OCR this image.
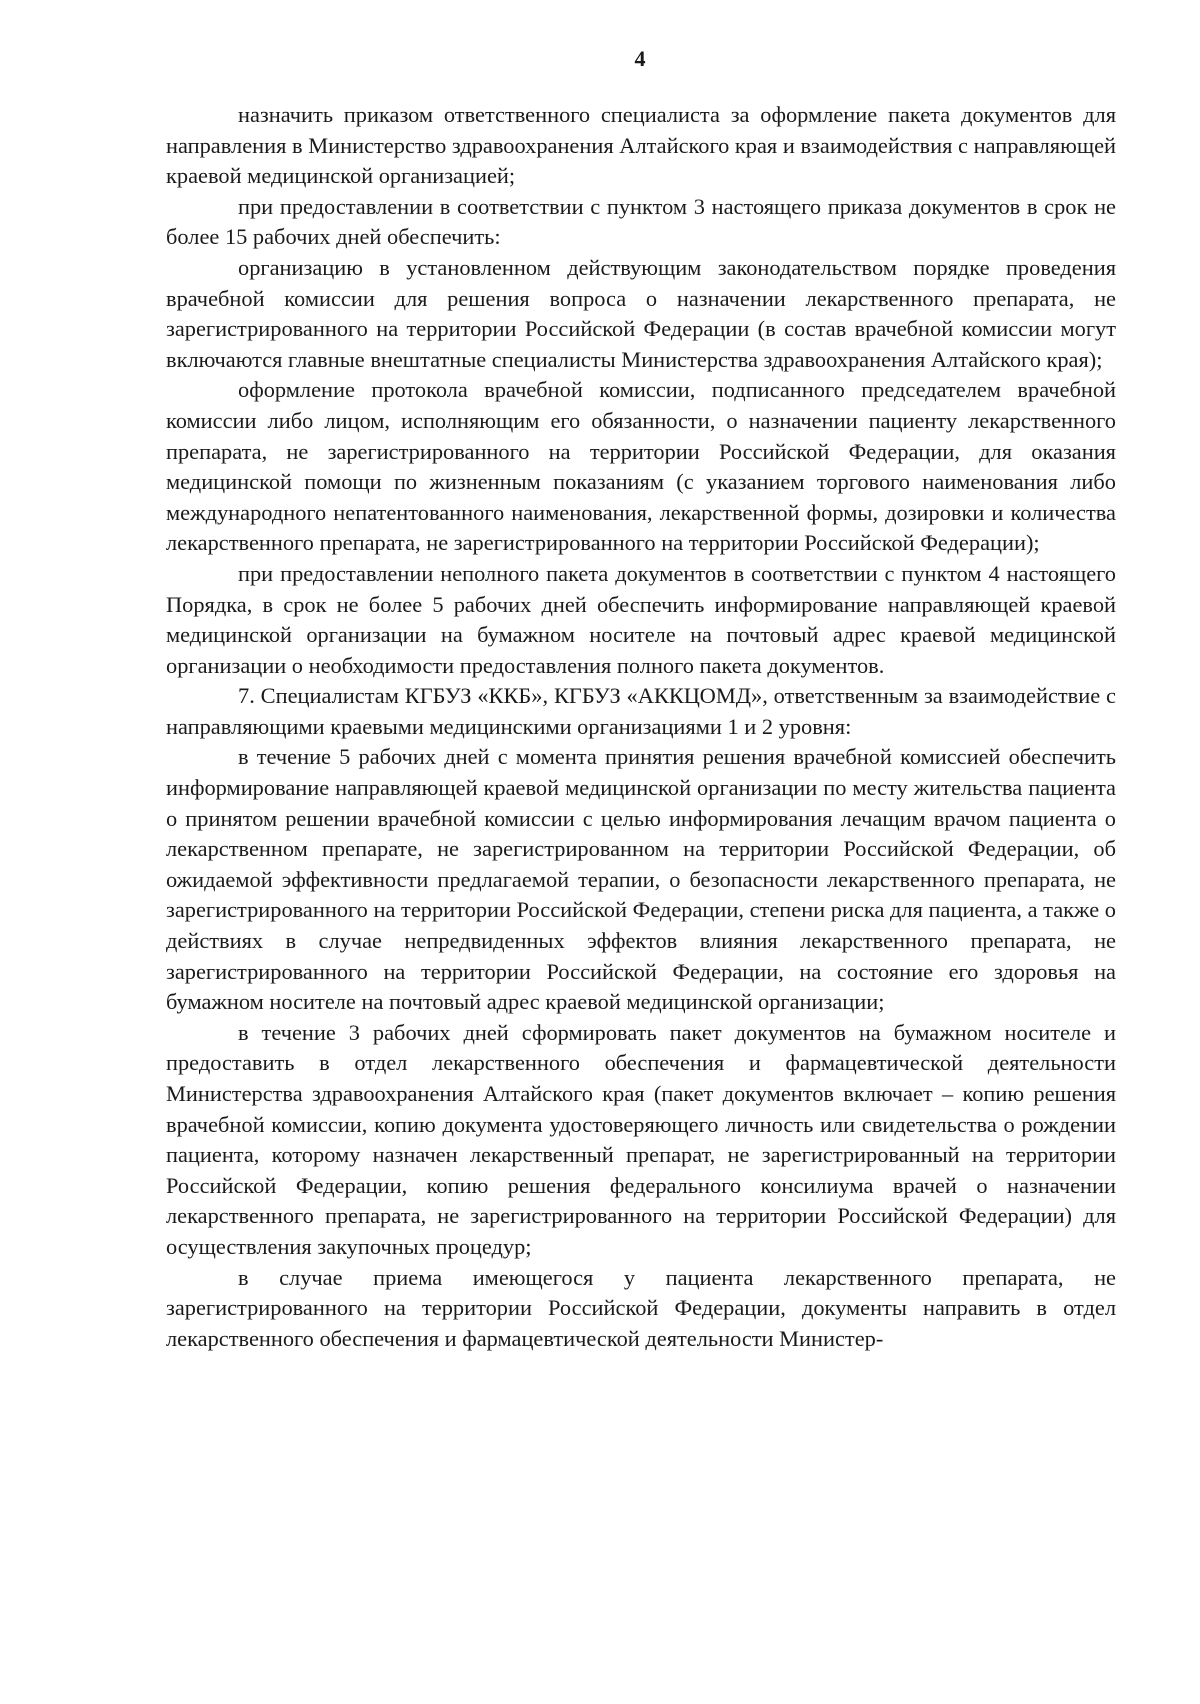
4

назначить приказом ответственного специалиста за оформление пакета документов для направления в Министерство здравоохранения Алтайского края и взаимодействия с направляющей краевой медицинской организацией;

при предоставлении в соответствии с пунктом 3 настоящего приказа документов в срок не более 15 рабочих дней обеспечить:

организацию в установленном действующим законодательством порядке проведения врачебной комиссии для решения вопроса о назначении лекарственного препарата, не зарегистрированного на территории Российской Федерации (в состав врачебной комиссии могут включаются главные внештатные специалисты Министерства здравоохранения Алтайского края);

оформление протокола врачебной комиссии, подписанного председателем врачебной комиссии либо лицом, исполняющим его обязанности, о назначении пациенту лекарственного препарата, не зарегистрированного на территории Российской Федерации, для оказания медицинской помощи по жизненным показаниям (с указанием торгового наименования либо международного непатентованного наименования, лекарственной формы, дозировки и количества лекарственного препарата, не зарегистрированного на территории Российской Федерации);

при предоставлении неполного пакета документов в соответствии с пунктом 4 настоящего Порядка, в срок не более 5 рабочих дней обеспечить информирование направляющей краевой медицинской организации на бумажном носителе на почтовый адрес краевой медицинской организации о необходимости предоставления полного пакета документов.

7. Специалистам КГБУЗ «ККБ», КГБУЗ «АККЦОМД», ответственным за взаимодействие с направляющими краевыми медицинскими организациями 1 и 2 уровня:

в течение 5 рабочих дней с момента принятия решения врачебной комиссией обеспечить информирование направляющей краевой медицинской организации по месту жительства пациента о принятом решении врачебной комиссии с целью информирования лечащим врачом пациента о лекарственном препарате, не зарегистрированном на территории Российской Федерации, об ожидаемой эффективности предлагаемой терапии, о безопасности лекарственного препарата, не зарегистрированного на территории Российской Федерации, степени риска для пациента, а также о действиях в случае непредвиденных эффектов влияния лекарственного препарата, не зарегистрированного на территории Российской Федерации, на состояние его здоровья на бумажном носителе на почтовый адрес краевой медицинской организации;

в течение 3 рабочих дней сформировать пакет документов на бумажном носителе и предоставить в отдел лекарственного обеспечения и фармацевтической деятельности Министерства здравоохранения Алтайского края (пакет документов включает – копию решения врачебной комиссии, копию документа удостоверяющего личность или свидетельства о рождении пациента, которому назначен лекарственный препарат, не зарегистрированный на территории Российской Федерации, копию решения федерального консилиума врачей о назначении лекарственного препарата, не зарегистрированного на территории Российской Федерации) для осуществления закупочных процедур;

в случае приема имеющегося у пациента лекарственного препарата, не зарегистрированного на территории Российской Федерации, документы направить в отдел лекарственного обеспечения и фармацевтической деятельности Министер-
